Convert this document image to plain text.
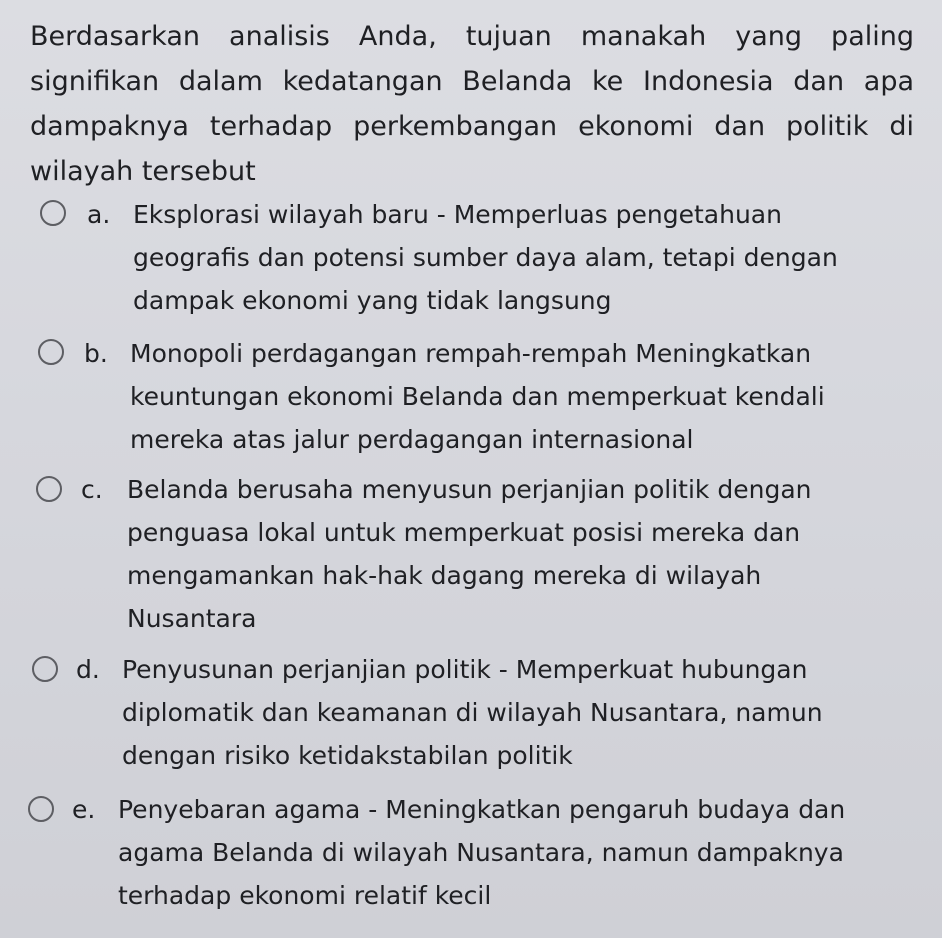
Berdasarkan analisis Anda, tujuan manakah yang paling signifikan dalam kedatangan Belanda ke Indonesia dan apa dampaknya terhadap perkembangan ekonomi dan politik di wilayah tersebut
a. Eksplorasi wilayah baru - Memperluas pengetahuan geografis dan potensi sumber daya alam, tetapi dengan dampak ekonomi yang tidak langsung
b. Monopoli perdagangan rempah-rempah Meningkatkan keuntungan ekonomi Belanda dan memperkuat kendali mereka atas jalur perdagangan internasional
c. Belanda berusaha menyusun perjanjian politik dengan penguasa lokal untuk memperkuat posisi mereka dan mengamankan hak-hak dagang mereka di wilayah Nusantara
d. Penyusunan perjanjian politik - Memperkuat hubungan diplomatik dan keamanan di wilayah Nusantara, namun dengan risiko ketidakstabilan politik
e. Penyebaran agama - Meningkatkan pengaruh budaya dan agama Belanda di wilayah Nusantara, namun dampaknya terhadap ekonomi relatif kecil
